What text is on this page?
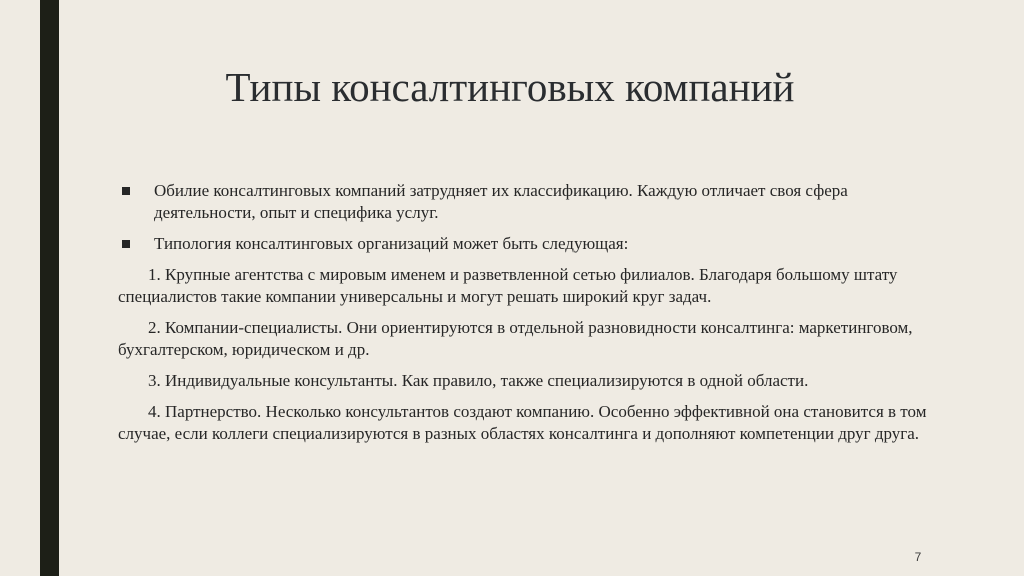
Типы консалтинговых компаний
Обилие консалтинговых компаний затрудняет их классификацию. Каждую отличает своя сфера деятельности, опыт и специфика услуг.
Типология консалтинговых организаций может быть следующая:
1. Крупные агентства с мировым именем и разветвленной сетью филиалов. Благодаря большому штату специалистов такие компании универсальны и могут решать широкий круг задач.
2. Компании-специалисты. Они ориентируются в отдельной разновидности консалтинга: маркетинговом, бухгалтерском, юридическом и др.
3. Индивидуальные консультанты. Как правило, также специализируются в одной области.
4. Партнерство. Несколько консультантов создают компанию. Особенно эффективной она становится в том случае, если коллеги специализируются в разных областях консалтинга и дополняют компетенции друг друга.
7
